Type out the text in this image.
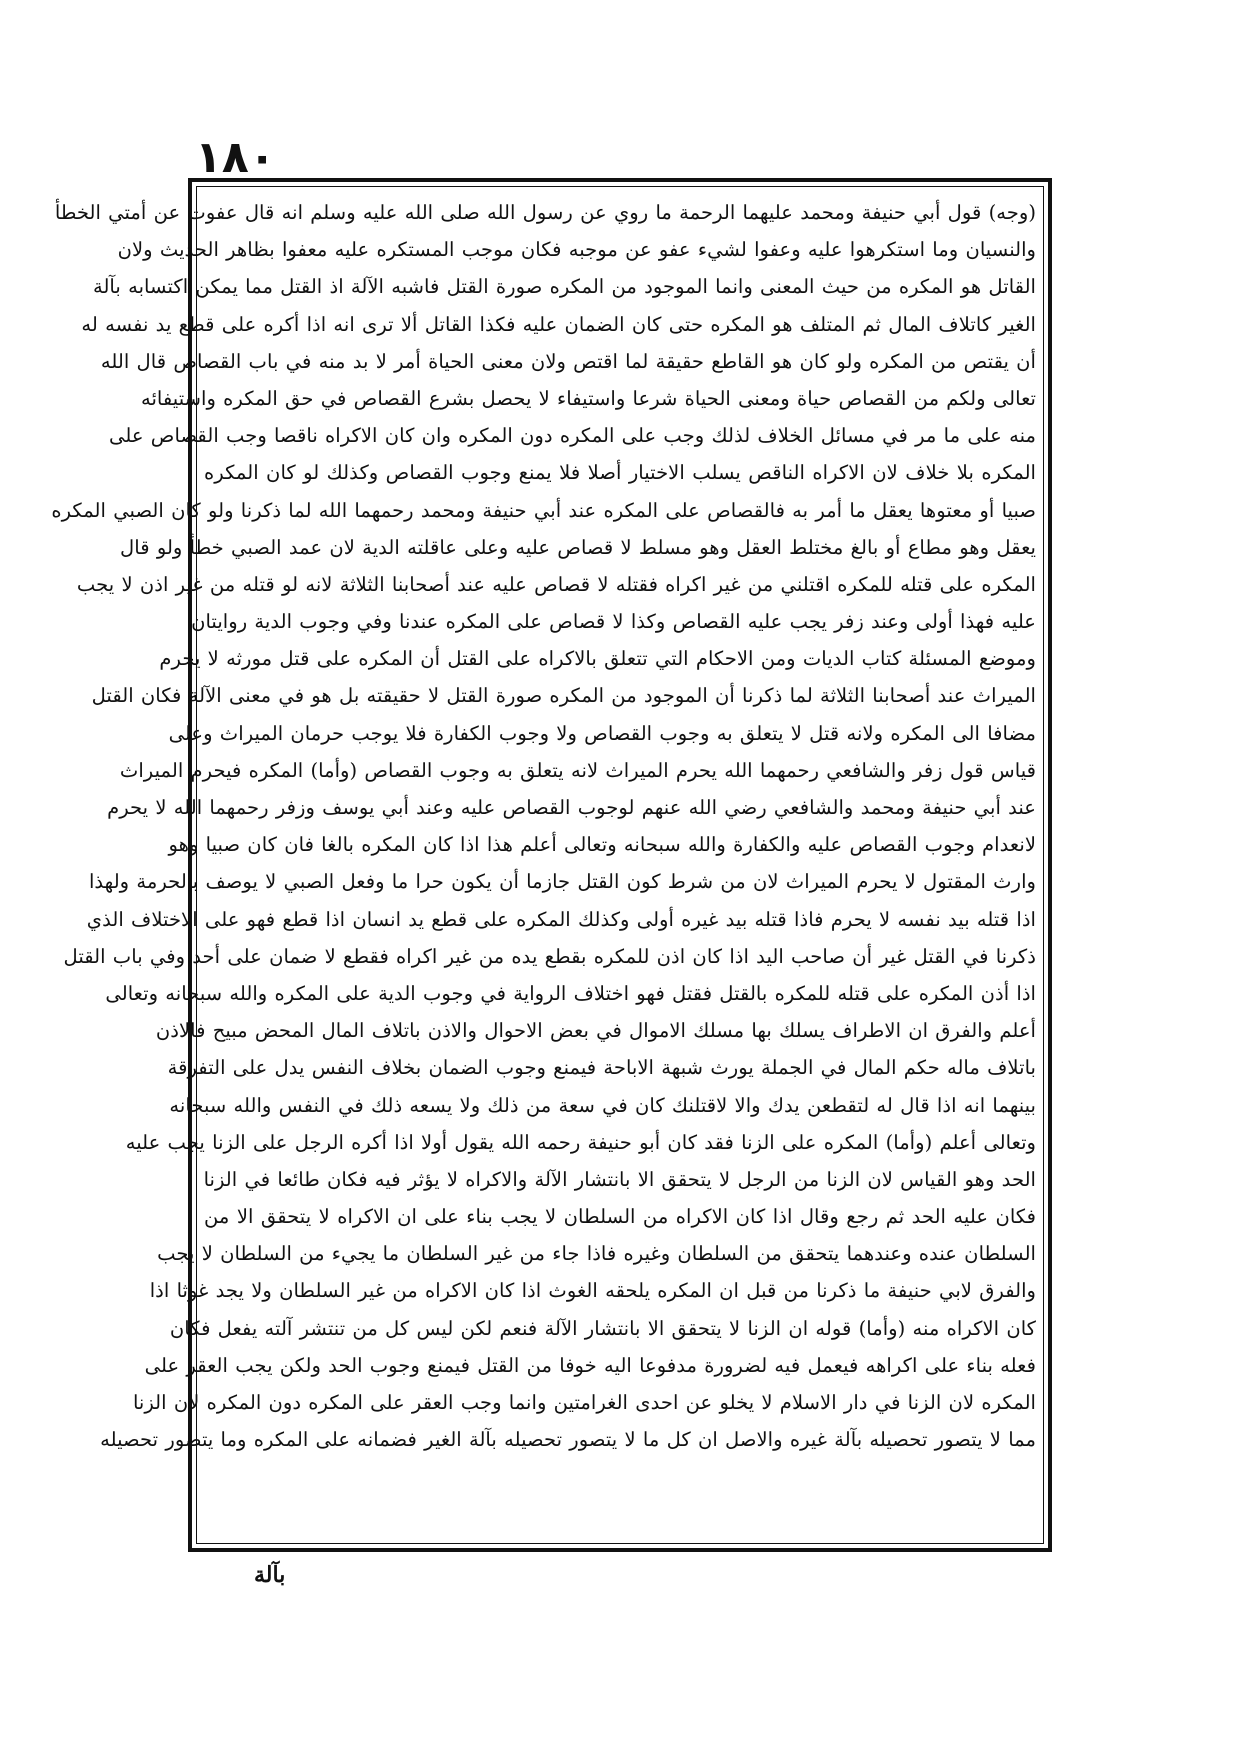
١٨٠
(وجه) قول أبي حنيفة ومحمد عليهما الرحمة ما روي عن رسول الله صلى الله عليه وسلم انه قال عفوت عن أمتي الخطأ
والنسيان وما استكرهوا عليه وعفوا لشيء عفو عن موجبه فكان موجب المستكره عليه معفوا بظاهر الحديث ولان
القاتل هو المكره من حيث المعنى وانما الموجود من المكره صورة القتل فاشبه الآلة اذ القتل مما يمكن اكتسابه بآلة
الغير كاتلاف المال ثم المتلف هو المكره حتى كان الضمان عليه فكذا القاتل ألا ترى انه اذا أكره على قطع يد نفسه له
أن يقتص من المكره ولو كان هو القاطع حقيقة لما اقتص ولان معنى الحياة أمر لا بد منه في باب القصاص قال الله
تعالى ولكم من القصاص حياة ومعنى الحياة شرعا واستيفاء لا يحصل بشرع القصاص في حق المكره واستيفائه
منه على ما مر في مسائل الخلاف لذلك وجب على المكره دون المكره وان كان الاكراه ناقصا وجب القصاص على
المكره بلا خلاف لان الاكراه الناقص يسلب الاختيار أصلا فلا يمنع وجوب القصاص وكذلك لو كان المكره
صبيا أو معتوها يعقل ما أمر به فالقصاص على المكره عند أبي حنيفة ومحمد رحمهما الله لما ذكرنا ولو كان الصبي المكره
يعقل وهو مطاع أو بالغ مختلط العقل وهو مسلط لا قصاص عليه وعلى عاقلته الدية لان عمد الصبي خطأ ولو قال
المكره على قتله للمكره اقتلني من غير اكراه فقتله لا قصاص عليه عند أصحابنا الثلاثة لانه لو قتله من غير اذن لا يجب
عليه فهذا أولى وعند زفر يجب عليه القصاص وكذا لا قصاص على المكره عندنا وفي وجوب الدية روايتان
وموضع المسئلة كتاب الديات ومن الاحكام التي تتعلق بالاكراه على القتل أن المكره على قتل مورثه لا يحرم
الميراث عند أصحابنا الثلاثة لما ذكرنا أن الموجود من المكره صورة القتل لا حقيقته بل هو في معنى الآلة فكان القتل
مضافا الى المكره ولانه قتل لا يتعلق به وجوب القصاص ولا وجوب الكفارة فلا يوجب حرمان الميراث وعلى
قياس قول زفر والشافعي رحمهما الله يحرم الميراث لانه يتعلق به وجوب القصاص (وأما) المكره فيحرم الميراث
عند أبي حنيفة ومحمد والشافعي رضي الله عنهم لوجوب القصاص عليه وعند أبي يوسف وزفر رحمهما الله لا يحرم
لانعدام وجوب القصاص عليه والكفارة والله سبحانه وتعالى أعلم هذا اذا كان المكره بالغا فان كان صبيا وهو
وارث المقتول لا يحرم الميراث لان من شرط كون القتل جازما أن يكون حرا ما وفعل الصبي لا يوصف بالحرمة ولهذا
اذا قتله بيد نفسه لا يحرم فاذا قتله بيد غيره أولى وكذلك المكره على قطع يد انسان اذا قطع فهو على الاختلاف الذي
ذكرنا في القتل غير أن صاحب اليد اذا كان اذن للمكره بقطع يده من غير اكراه فقطع لا ضمان على أحد وفي باب القتل
اذا أذن المكره على قتله للمكره بالقتل فقتل فهو اختلاف الرواية في وجوب الدية على المكره والله سبحانه وتعالى
أعلم والفرق ان الاطراف يسلك بها مسلك الاموال في بعض الاحوال والاذن باتلاف المال المحض مبيح فالاذن
باتلاف ماله حكم المال في الجملة يورث شبهة الاباحة فيمنع وجوب الضمان بخلاف النفس يدل على التفرقة
بينهما انه اذا قال له لتقطعن يدك والا لاقتلنك كان في سعة من ذلك ولا يسعه ذلك في النفس والله سبحانه
وتعالى أعلم (وأما) المكره على الزنا فقد كان أبو حنيفة رحمه الله يقول أولا اذا أكره الرجل على الزنا يجب عليه
الحد وهو القياس لان الزنا من الرجل لا يتحقق الا بانتشار الآلة والاكراه لا يؤثر فيه فكان طائعا في الزنا
فكان عليه الحد ثم رجع وقال اذا كان الاكراه من السلطان لا يجب بناء على ان الاكراه لا يتحقق الا من
السلطان عنده وعندهما يتحقق من السلطان وغيره فاذا جاء من غير السلطان ما يجيء من السلطان لا يجب
والفرق لابي حنيفة ما ذكرنا من قبل ان المكره يلحقه الغوث اذا كان الاكراه من غير السلطان ولا يجد غوثا اذا
كان الاكراه منه (وأما) قوله ان الزنا لا يتحقق الا بانتشار الآلة فنعم لكن ليس كل من تنتشر آلته يفعل فكان
فعله بناء على اكراهه فيعمل فيه لضرورة مدفوعا اليه خوفا من القتل فيمنع وجوب الحد ولكن يجب العقر على
المكره لان الزنا في دار الاسلام لا يخلو عن احدى الغرامتين وانما وجب العقر على المكره دون المكره لان الزنا
مما لا يتصور تحصيله بآلة غيره والاصل ان كل ما لا يتصور تحصيله بآلة الغير فضمانه على المكره وما يتصور تحصيله
بآلة
